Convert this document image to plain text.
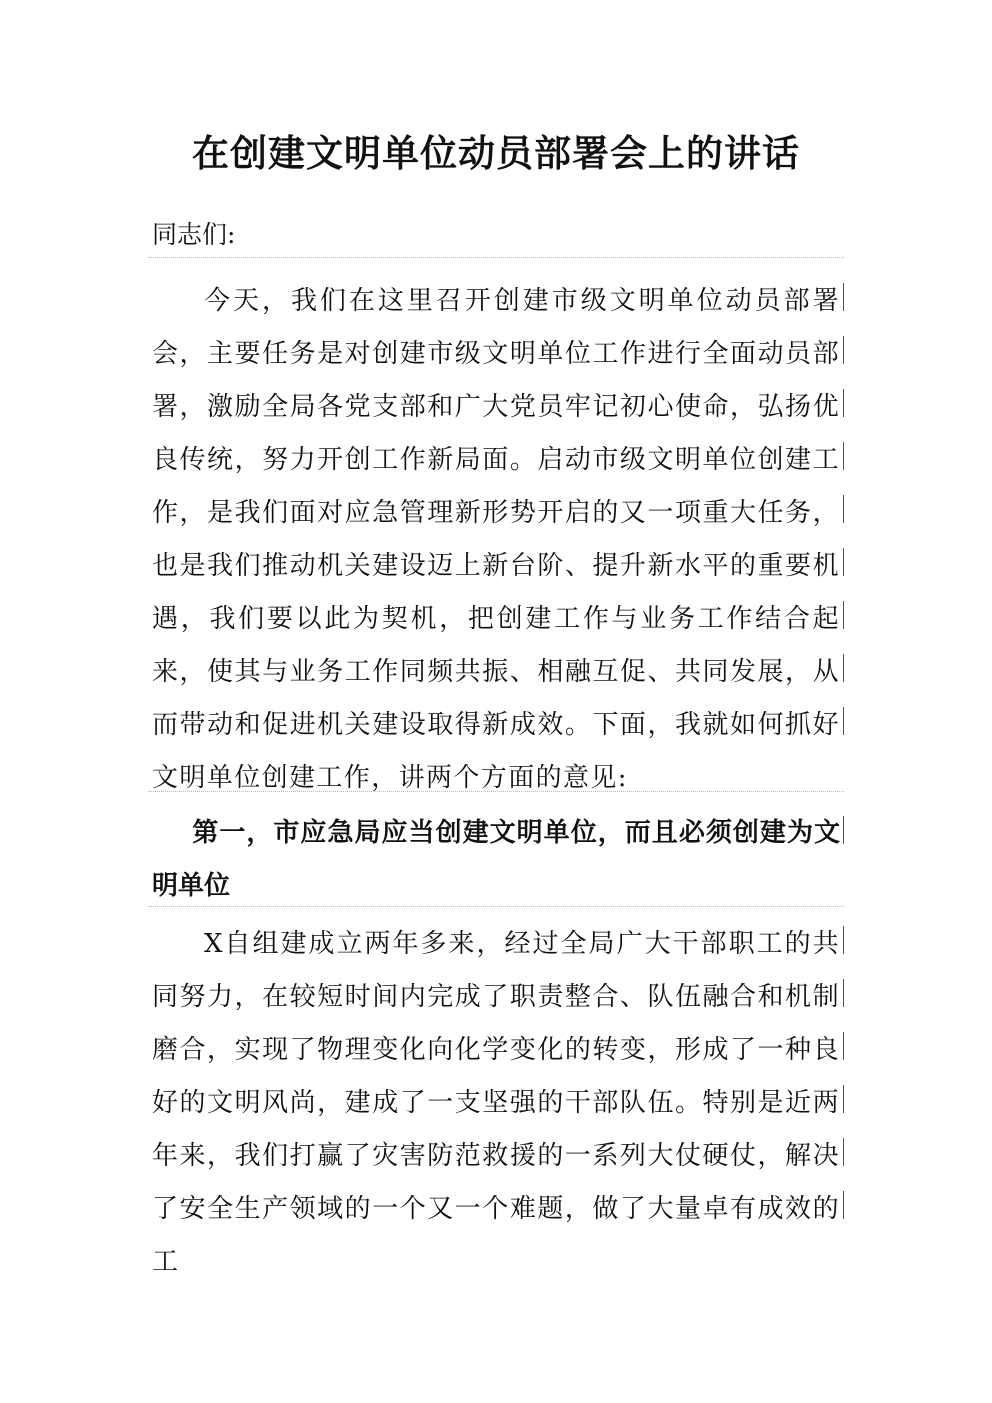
在创建文明单位动员部署会上的讲话

同志们:

今天，我们在这里召开创建市级文明单位动员部署会，主要任务是对创建市级文明单位工作进行全面动员部署，激励全局各党支部和广大党员牢记初心使命，弘扬优良传统，努力开创工作新局面。启动市级文明单位创建工作，是我们面对应急管理新形势开启的又一项重大任务，也是我们推动机关建设迈上新台阶、提升新水平的重要机遇，我们要以此为契机，把创建工作与业务工作结合起来，使其与业务工作同频共振、相融互促、共同发展，从而带动和促进机关建设取得新成效。下面，我就如何抓好文明单位创建工作，讲两个方面的意见:

第一，市应急局应当创建文明单位，而且必须创建为文明单位

X自组建成立两年多来，经过全局广大干部职工的共同努力，在较短时间内完成了职责整合、队伍融合和机制磨合，实现了物理变化向化学变化的转变，形成了一种良好的文明风尚，建成了一支坚强的干部队伍。特别是近两年来，我们打赢了灾害防范救援的一系列大仗硬仗，解决了安全生产领域的一个又一个难题，做了大量卓有成效的工
